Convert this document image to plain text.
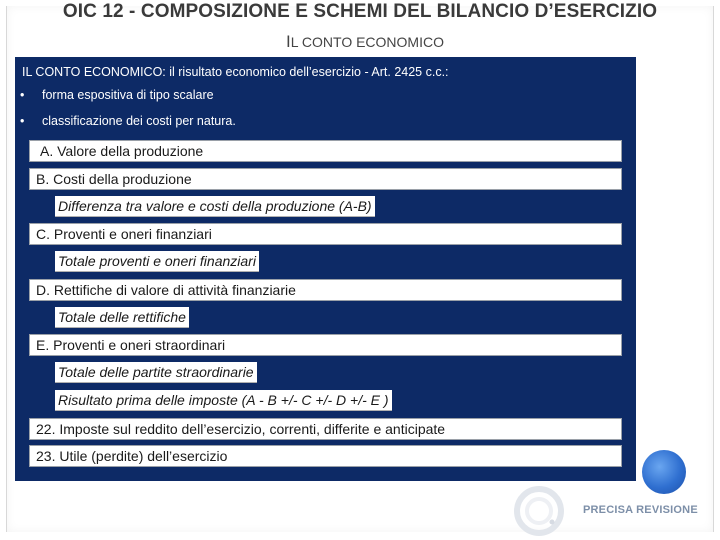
OIC 12 - COMPOSIZIONE E SCHEMI DEL BILANCIO D’ESERCIZIO
IL CONTO ECONOMICO
IL CONTO ECONOMICO: il risultato economico dell’esercizio - Art. 2425 c.c.:
• forma espositiva di tipo scalare
• classificazione dei costi per natura.
A. Valore della produzione
B. Costi della produzione
Differenza tra valore e costi della produzione (A-B)
C. Proventi e oneri finanziari
Totale proventi e oneri finanziari
D. Rettifiche di valore di attività finanziarie
Totale delle rettifiche
E. Proventi e oneri straordinari
Totale delle partite straordinarie
Risultato prima delle imposte (A - B +/- C +/- D +/- E )
22. Imposte sul reddito dell’esercizio, correnti, differite e anticipate
23. Utile (perdite) dell’esercizio
PRECISA REVISIONE
